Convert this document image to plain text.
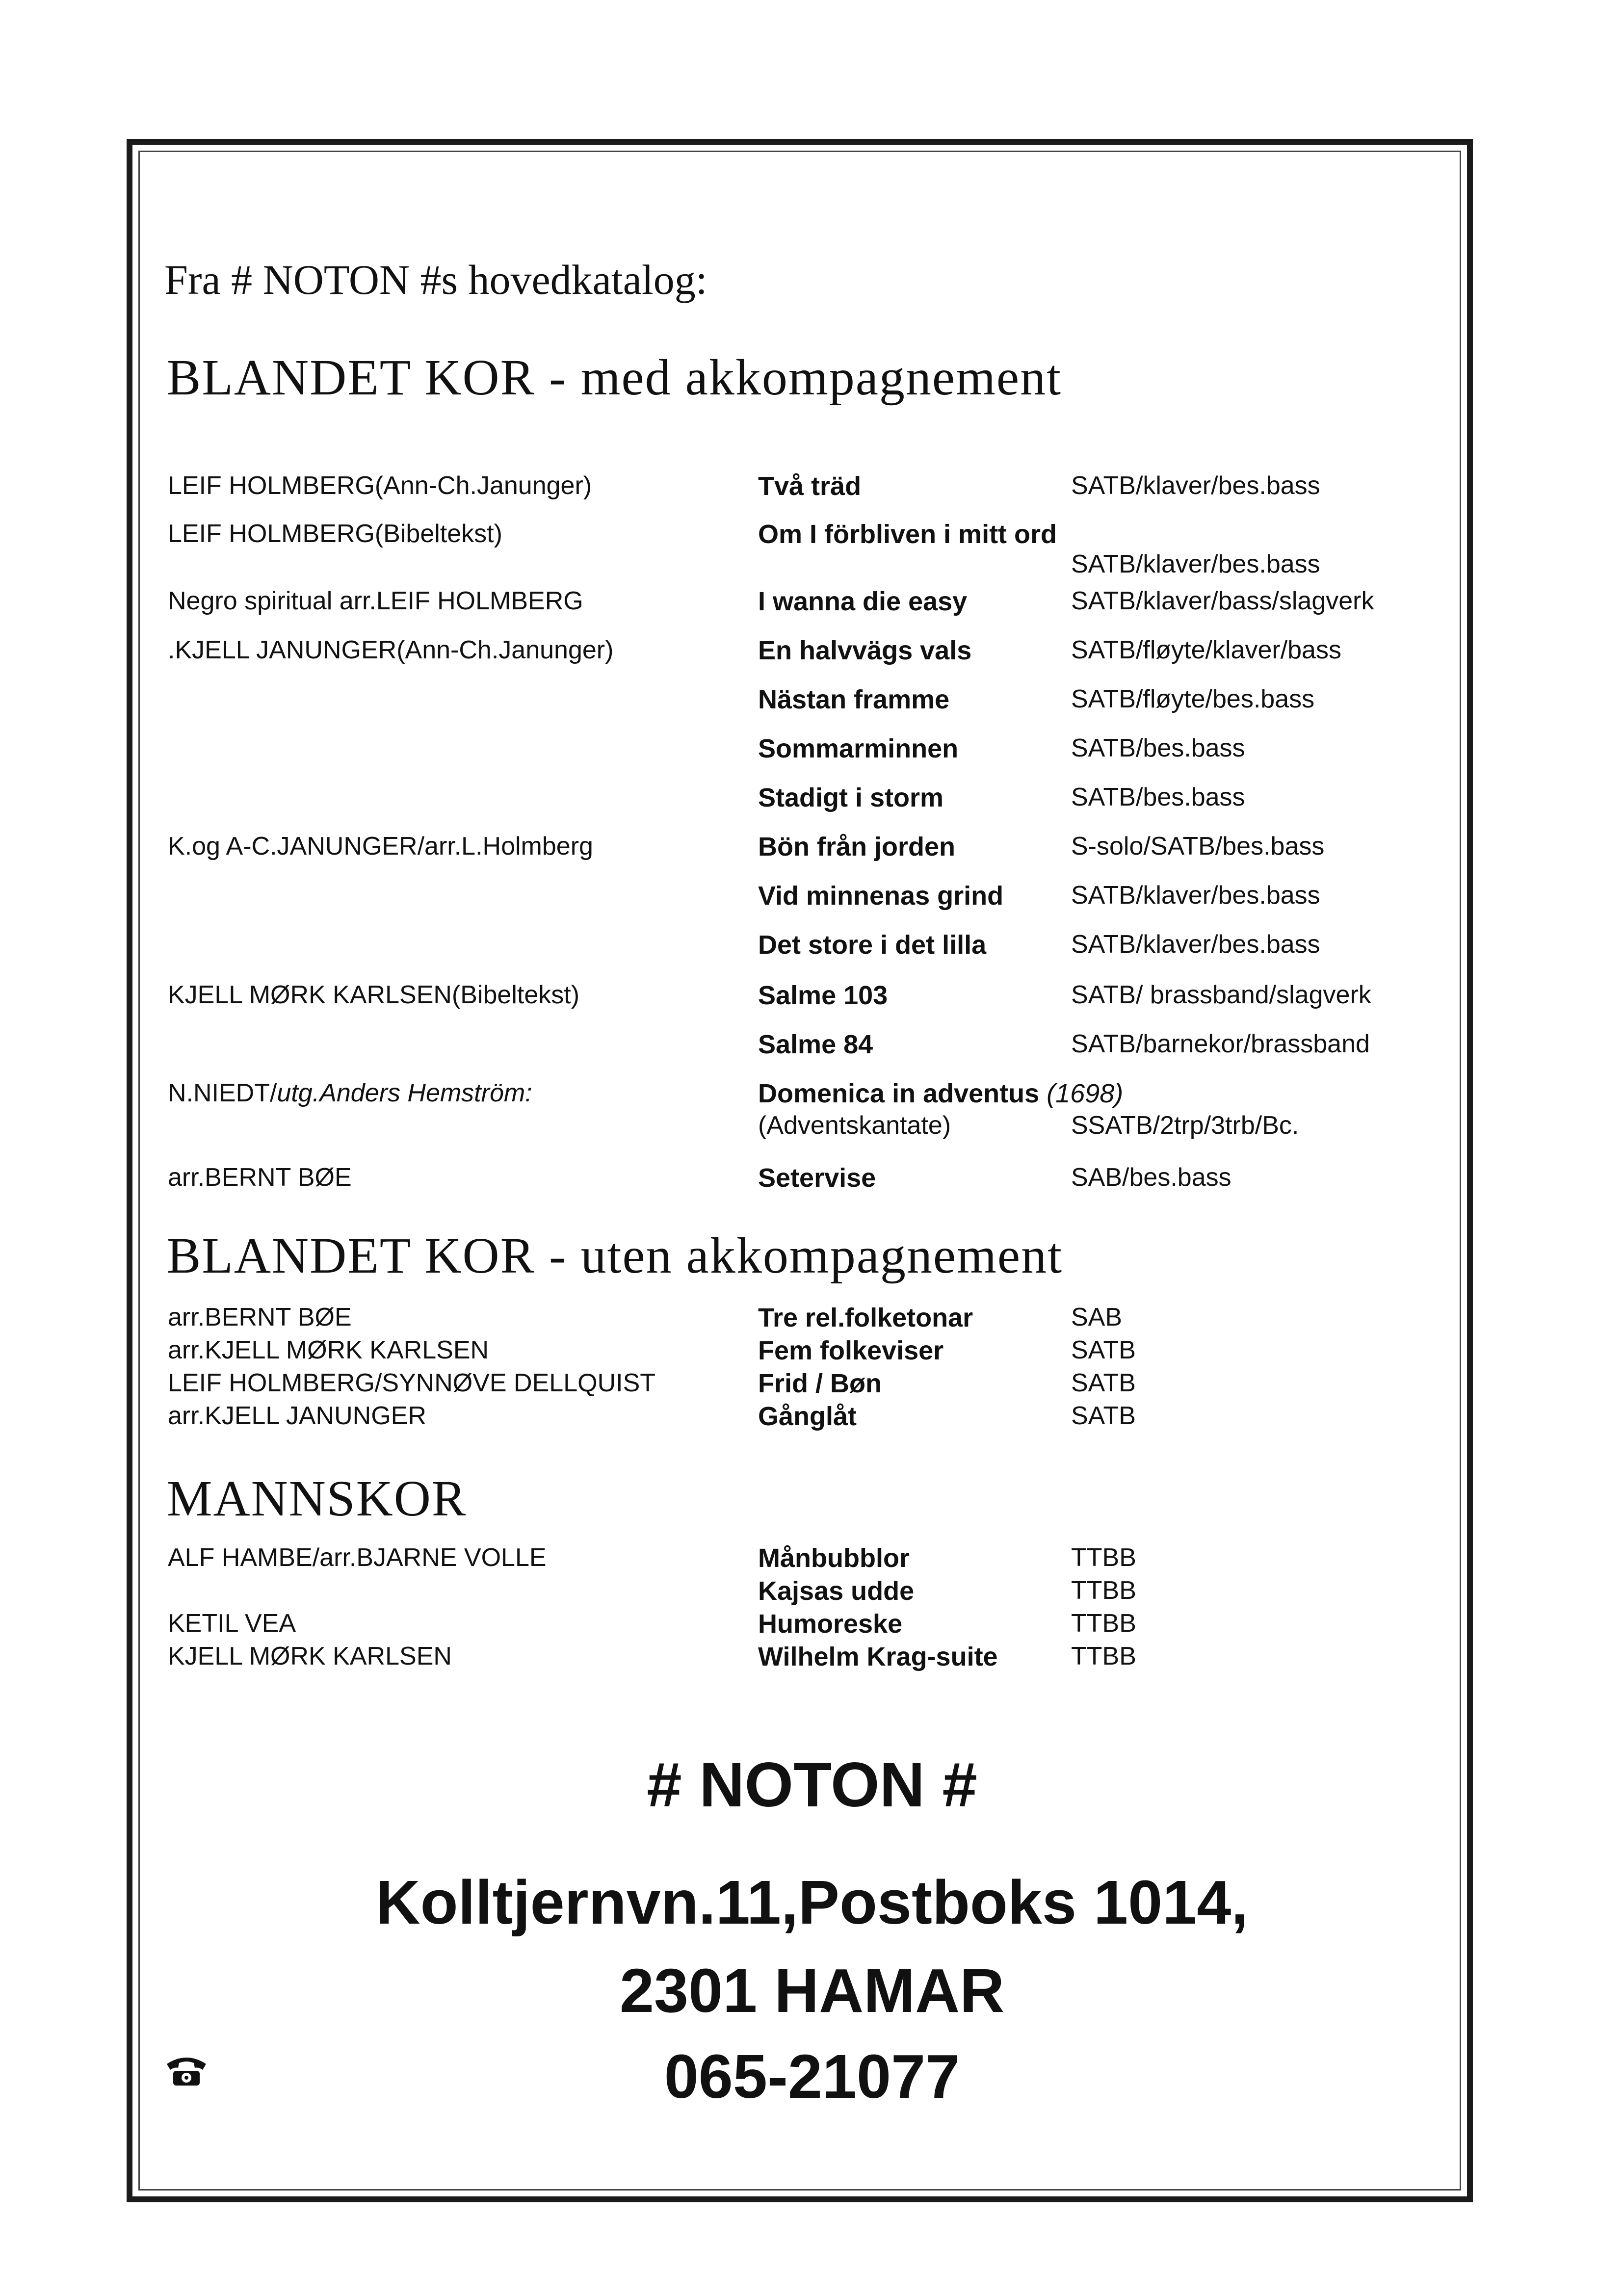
Fra # NOTON #s hovedkatalog:
BLANDET KOR - med akkompagnement
LEIF HOLMBERG(Ann-Ch.Janunger)	Två träd	SATB/klaver/bes.bass
LEIF HOLMBERG(Bibeltekst)	Om I förbliven i mitt ord
SATB/klaver/bes.bass
Negro spiritual arr.LEIF HOLMBERG	I wanna die easy	SATB/klaver/bass/slagverk
.KJELL JANUNGER(Ann-Ch.Janunger)	En halvvägs vals	SATB/fløyte/klaver/bass
Nästan framme	SATB/fløyte/bes.bass
Sommarminnen	SATB/bes.bass
Stadigt i storm	SATB/bes.bass
K.og A-C.JANUNGER/arr.L.Holmberg	Bön från jorden	S-solo/SATB/bes.bass
Vid minnenas grind	SATB/klaver/bes.bass
Det store i det lilla	SATB/klaver/bes.bass
KJELL MØRK KARLSEN(Bibeltekst)	Salme 103	SATB/ brassband/slagverk
Salme 84	SATB/barnekor/brassband
N.NIEDT/utg.Anders Hemström:	Domenica in adventus (1698)
(Adventskantate)	SSATB/2trp/3trb/Bc.
arr.BERNT BØE	Setervise	SAB/bes.bass
BLANDET KOR - uten akkompagnement
arr.BERNT BØE	Tre rel.folketonar	SAB
arr.KJELL MØRK KARLSEN	Fem folkeviser	SATB
LEIF HOLMBERG/SYNNØVE DELLQUIST	Frid / Bøn	SATB
arr.KJELL JANUNGER	Gånglåt	SATB
MANNSKOR
ALF HAMBE/arr.BJARNE VOLLE	Månbubblor	TTBB
Kajsas udde	TTBB
KETIL VEA	Humoreske	TTBB
KJELL MØRK KARLSEN	Wilhelm Krag-suite	TTBB
# NOTON #
Kolltjernvn.11,Postboks 1014,
2301 HAMAR
065-21077
